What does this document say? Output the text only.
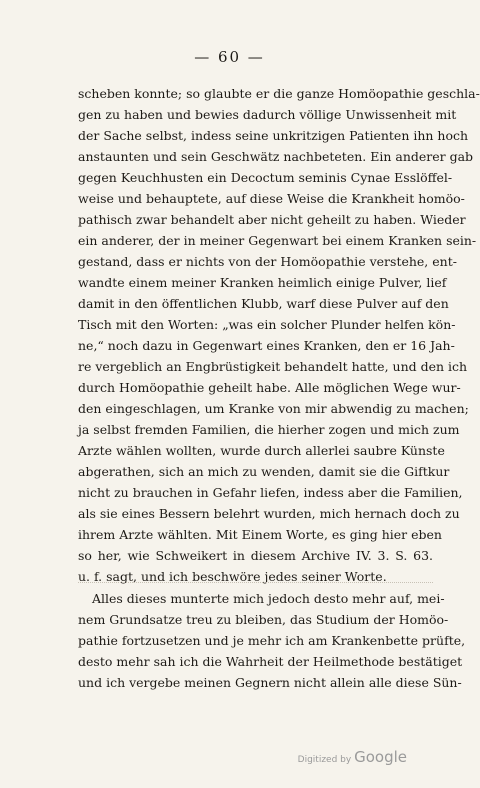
— 60 —
scheben konnte; so glaubte er die ganze Homöopathie geschla-
gen zu haben und bewies dadurch völlige Unwissenheit mit
der Sache selbst, indess seine unkritzigen Patienten ihn hoch
anstaunten und sein Geschwätz nachbeteten. Ein anderer gab
gegen Keuchhusten ein Decoctum seminis Cynae Esslöffel-
weise und behauptete, auf diese Weise die Krankheit homöo-
pathisch zwar behandelt aber nicht geheilt zu haben. Wieder
ein anderer, der in meiner Gegenwart bei einem Kranken sein-
gestand, dass er nichts von der Homöopathie verstehe, ent-
wandte einem meiner Kranken heimlich einige Pulver, lief
damit in den öffentlichen Klubb, warf diese Pulver auf den
Tisch mit den Worten: „was ein solcher Plunder helfen kön-
ne,“ noch dazu in Gegenwart eines Kranken, den er 16 Jah-
re vergeblich an Engbrüstigkeit behandelt hatte, und den ich
durch Homöopathie geheilt habe. Alle möglichen Wege wur-
den eingeschlagen, um Kranke von mir abwendig zu machen;
ja selbst fremden Familien, die hierher zogen und mich zum
Arzte wählen wollten, wurde durch allerlei saubre Künste
abgerathen, sich an mich zu wenden, damit sie die Giftkur
nicht zu brauchen in Gefahr liefen, indess aber die Familien,
als sie eines Bessern belehrt wurden, mich hernach doch zu
ihrem Arzte wählten. Mit Einem Worte, es ging hier eben
so her, wie Schweikert in diesem Archive IV. 3. S. 63.
u. f. sagt, und ich beschwöre jedes seiner Worte.
Alles dieses munterte mich jedoch desto mehr auf, mei-
nem Grundsatze treu zu bleiben, das Studium der Homöo-
pathie fortzusetzen und je mehr ich am Krankenbette prüfte,
desto mehr sah ich die Wahrheit der Heilmethode bestätiget
und ich vergebe meinen Gegnern nicht allein alle diese Sün-
Digitized by Google
